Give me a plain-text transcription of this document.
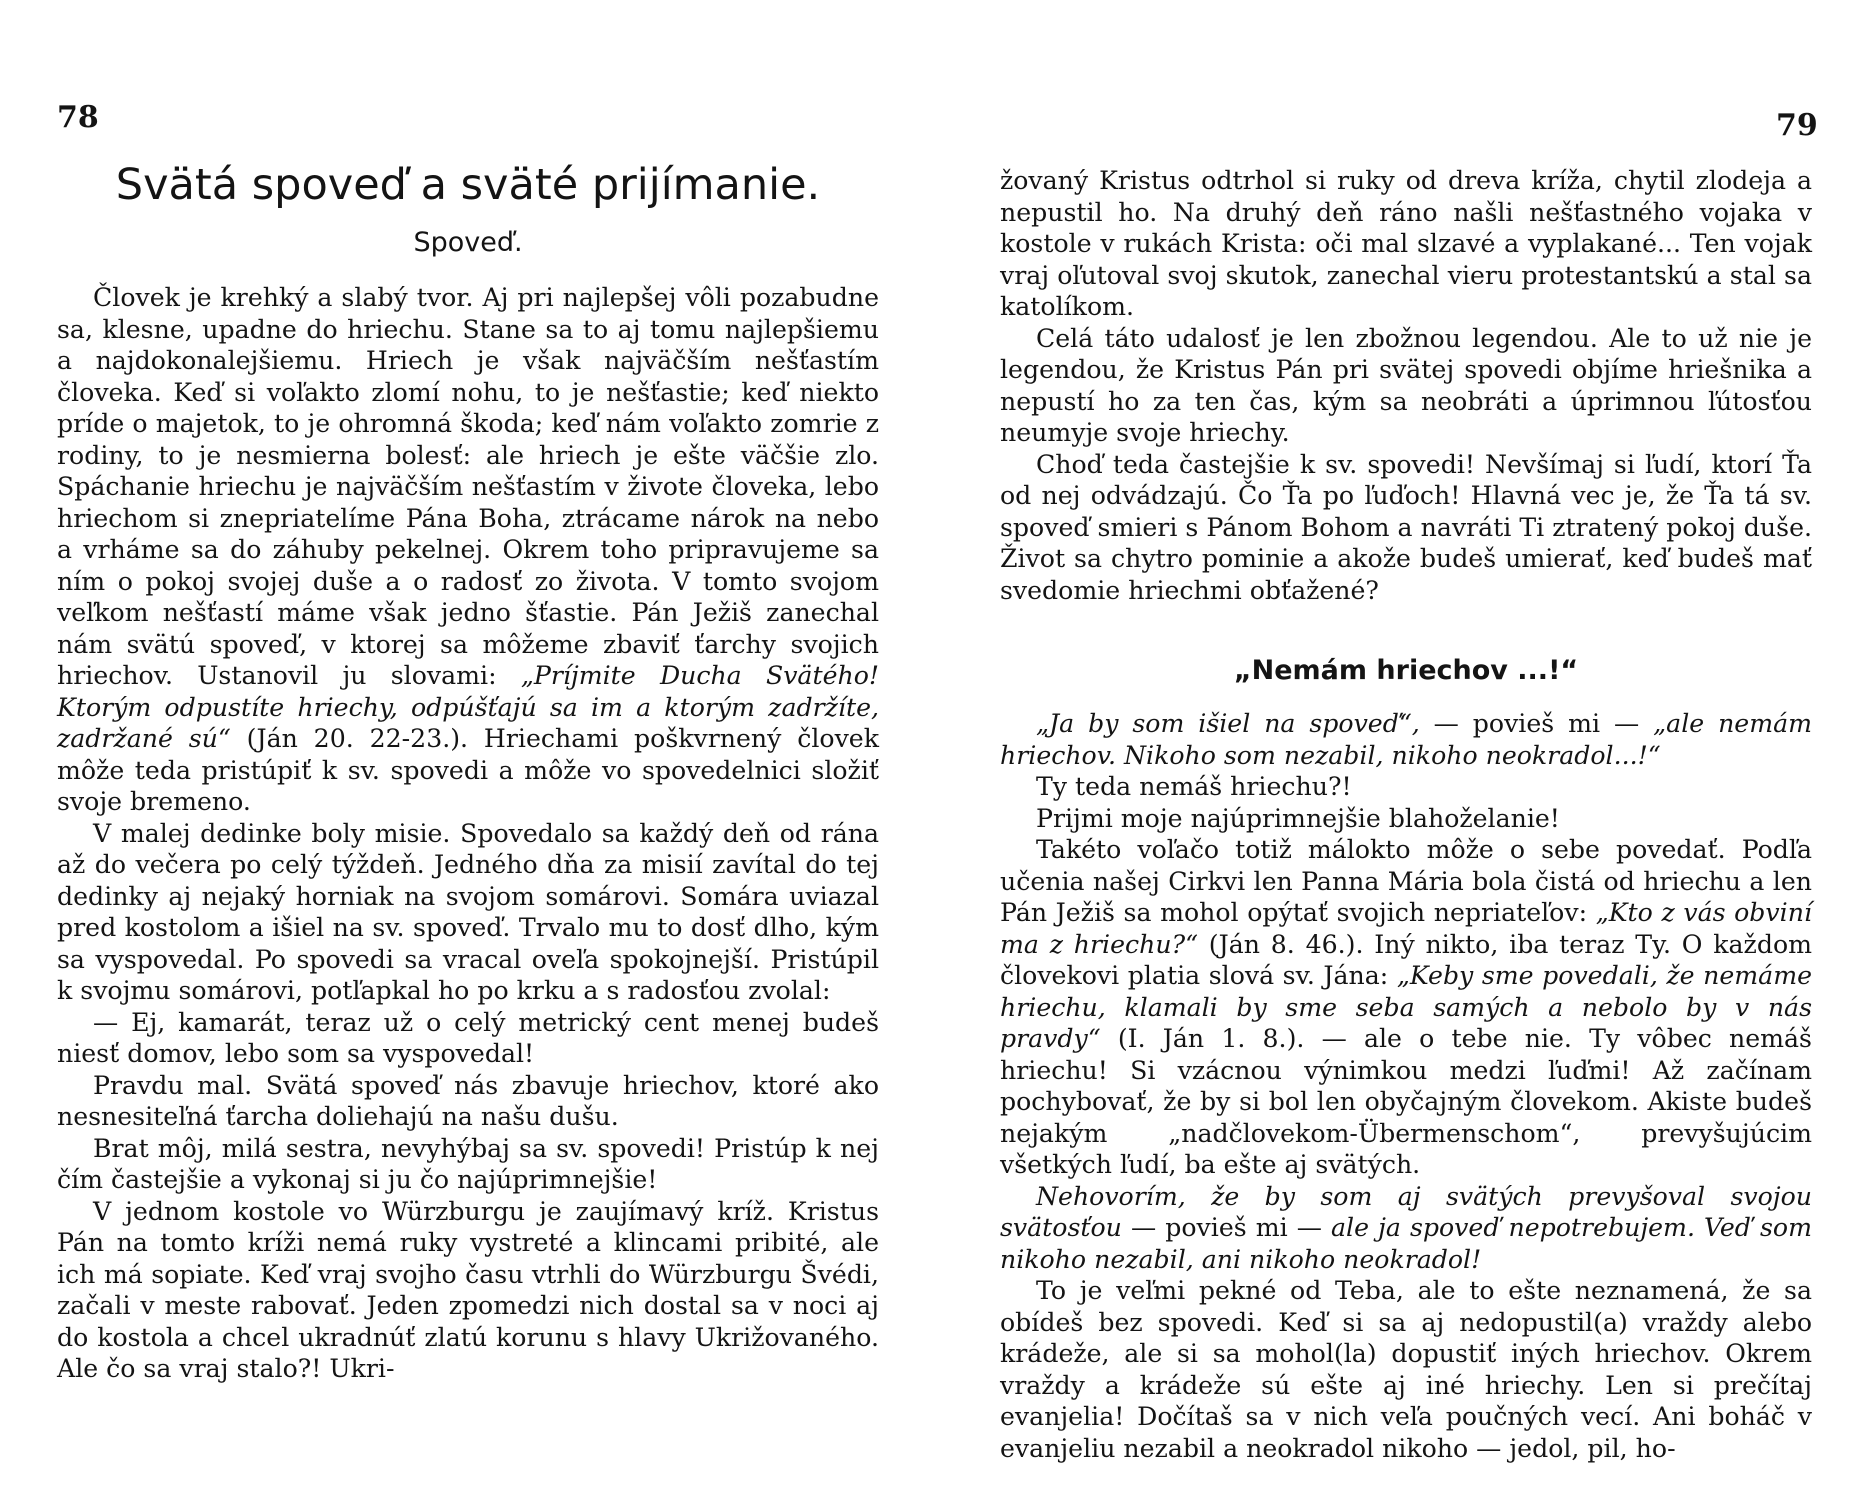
78	79
Svätá spoveď a sväté prijímanie.
Spoveď.

Človek je krehký a slabý tvor. Aj pri najlepšej vôli pozabudne sa, klesne, upadne do hriechu. Stane sa to aj tomu najlepšiemu a najdokonalejšiemu. Hriech je však najväčším nešťastím človeka. Keď si voľakto zlomí nohu, to je nešťastie; keď niekto príde o majetok, to je ohromná škoda; keď nám voľakto zomrie z rodiny, to je nesmierna bolesť: ale hriech je ešte väčšie zlo. Spáchanie hriechu je najväčším nešťastím v živote človeka, lebo hriechom si znepriatelíme Pána Boha, ztrácame nárok na nebo a vrháme sa do záhuby pekelnej. Okrem toho pripravujeme sa ním o pokoj svojej duše a o radosť zo života. V tomto svojom veľkom nešťastí máme však jedno šťastie. Pán Ježiš zanechal nám svätú spoveď, v ktorej sa môžeme zbaviť ťarchy svojich hriechov. Ustanovil ju slovami: „Príjmite Ducha Svätého! Ktorým odpustíte hriechy, odpúšťajú sa im a ktorým zadržíte, zadržané sú“ (Ján 20. 22-23.). Hriechami poškvrnený človek môže teda pristúpiť k sv. spovedi a môže vo spovedelnici složiť svoje bremeno.

V malej dedinke boly misie. Spovedalo sa každý deň od rána až do večera po celý týždeň. Jedného dňa za misií zavítal do tej dedinky aj nejaký horniak na svojom somárovi. Somára uviazal pred kostolom a išiel na sv. spoveď. Trvalo mu to dosť dlho, kým sa vyspovedal. Po spovedi sa vracal oveľa spokojnejší. Pristúpil k svojmu somárovi, potľapkal ho po krku a s radosťou zvolal:

— Ej, kamarát, teraz už o celý metrický cent menej budeš niesť domov, lebo som sa vyspovedal!

Pravdu mal. Svätá spoveď nás zbavuje hriechov, ktoré ako nesnesiteľná ťarcha doliehajú na našu dušu.

Brat môj, milá sestra, nevyhýbaj sa sv. spovedi! Pristúp k nej čím častejšie a vykonaj si ju čo najúprimnejšie!

V jednom kostole vo Würzburgu je zaujímavý kríž. Kristus Pán na tomto kríži nemá ruky vystreté a klincami pribité, ale ich má sopiate. Keď vraj svojho času vtrhli do Würzburgu Švédi, začali v meste rabovať. Jeden zpomedzi nich dostal sa v noci aj do kostola a chcel ukradnúť zlatú korunu s hlavy Ukrižovaného. Ale čo sa vraj stalo?! Ukri-

žovaný Kristus odtrhol si ruky od dreva kríža, chytil zlodeja a nepustil ho. Na druhý deň ráno našli nešťastného vojaka v kostole v rukách Krista: oči mal slzavé a vyplakané... Ten vojak vraj oľutoval svoj skutok, zanechal vieru protestantskú a stal sa katolíkom.

Celá táto udalosť je len zbožnou legendou. Ale to už nie je legendou, že Kristus Pán pri svätej spovedi objíme hriešnika a nepustí ho za ten čas, kým sa neobráti a úprimnou ľútosťou neumyje svoje hriechy.

Choď teda častejšie k sv. spovedi! Nevšímaj si ľudí, ktorí Ťa od nej odvádzajú. Čo Ťa po ľuďoch! Hlavná vec je, že Ťa tá sv. spoveď smieri s Pánom Bohom a navráti Ti ztratený pokoj duše. Život sa chytro pominie a akože budeš umierať, keď budeš mať svedomie hriechmi obťažené?

„Nemám hriechov ...!“

„Ja by som išiel na spoveď“, — povieš mi — „ale nemám hriechov. Nikoho som nezabil, nikoho neokradol...!“

Ty teda nemáš hriechu?!

Prijmi moje najúprimnejšie blahoželanie!

Takéto voľačo totiž málokto môže o sebe povedať. Podľa učenia našej Cirkvi len Panna Mária bola čistá od hriechu a len Pán Ježiš sa mohol opýtať svojich nepriateľov: „Kto z vás obviní ma z hriechu?“ (Ján 8. 46.). Iný nikto, iba teraz Ty. O každom človekovi platia slová sv. Jána: „Keby sme povedali, že nemáme hriechu, klamali by sme seba samých a nebolo by v nás pravdy“ (I. Ján 1. 8.). — ale o tebe nie. Ty vôbec nemáš hriechu! Si vzácnou výnimkou medzi ľuďmi! Až začínam pochybovať, že by si bol len obyčajným človekom. Akiste budeš nejakým „nadčlovekom-Übermenschom“, prevyšujúcim všetkých ľudí, ba ešte aj svätých.

Nehovorím, že by som aj svätých prevyšoval svojou svätosťou — povieš mi — ale ja spoveď nepotrebujem. Veď som nikoho nezabil, ani nikoho neokradol!

To je veľmi pekné od Teba, ale to ešte neznamená, že sa obídeš bez spovedi. Keď si sa aj nedopustil(a) vraždy alebo krádeže, ale si sa mohol(la) dopustiť iných hriechov. Okrem vraždy a krádeže sú ešte aj iné hriechy. Len si prečítaj evanjelia! Dočítaš sa v nich veľa poučných vecí. Ani boháč v evanjeliu nezabil a neokradol nikoho — jedol, pil, ho-
